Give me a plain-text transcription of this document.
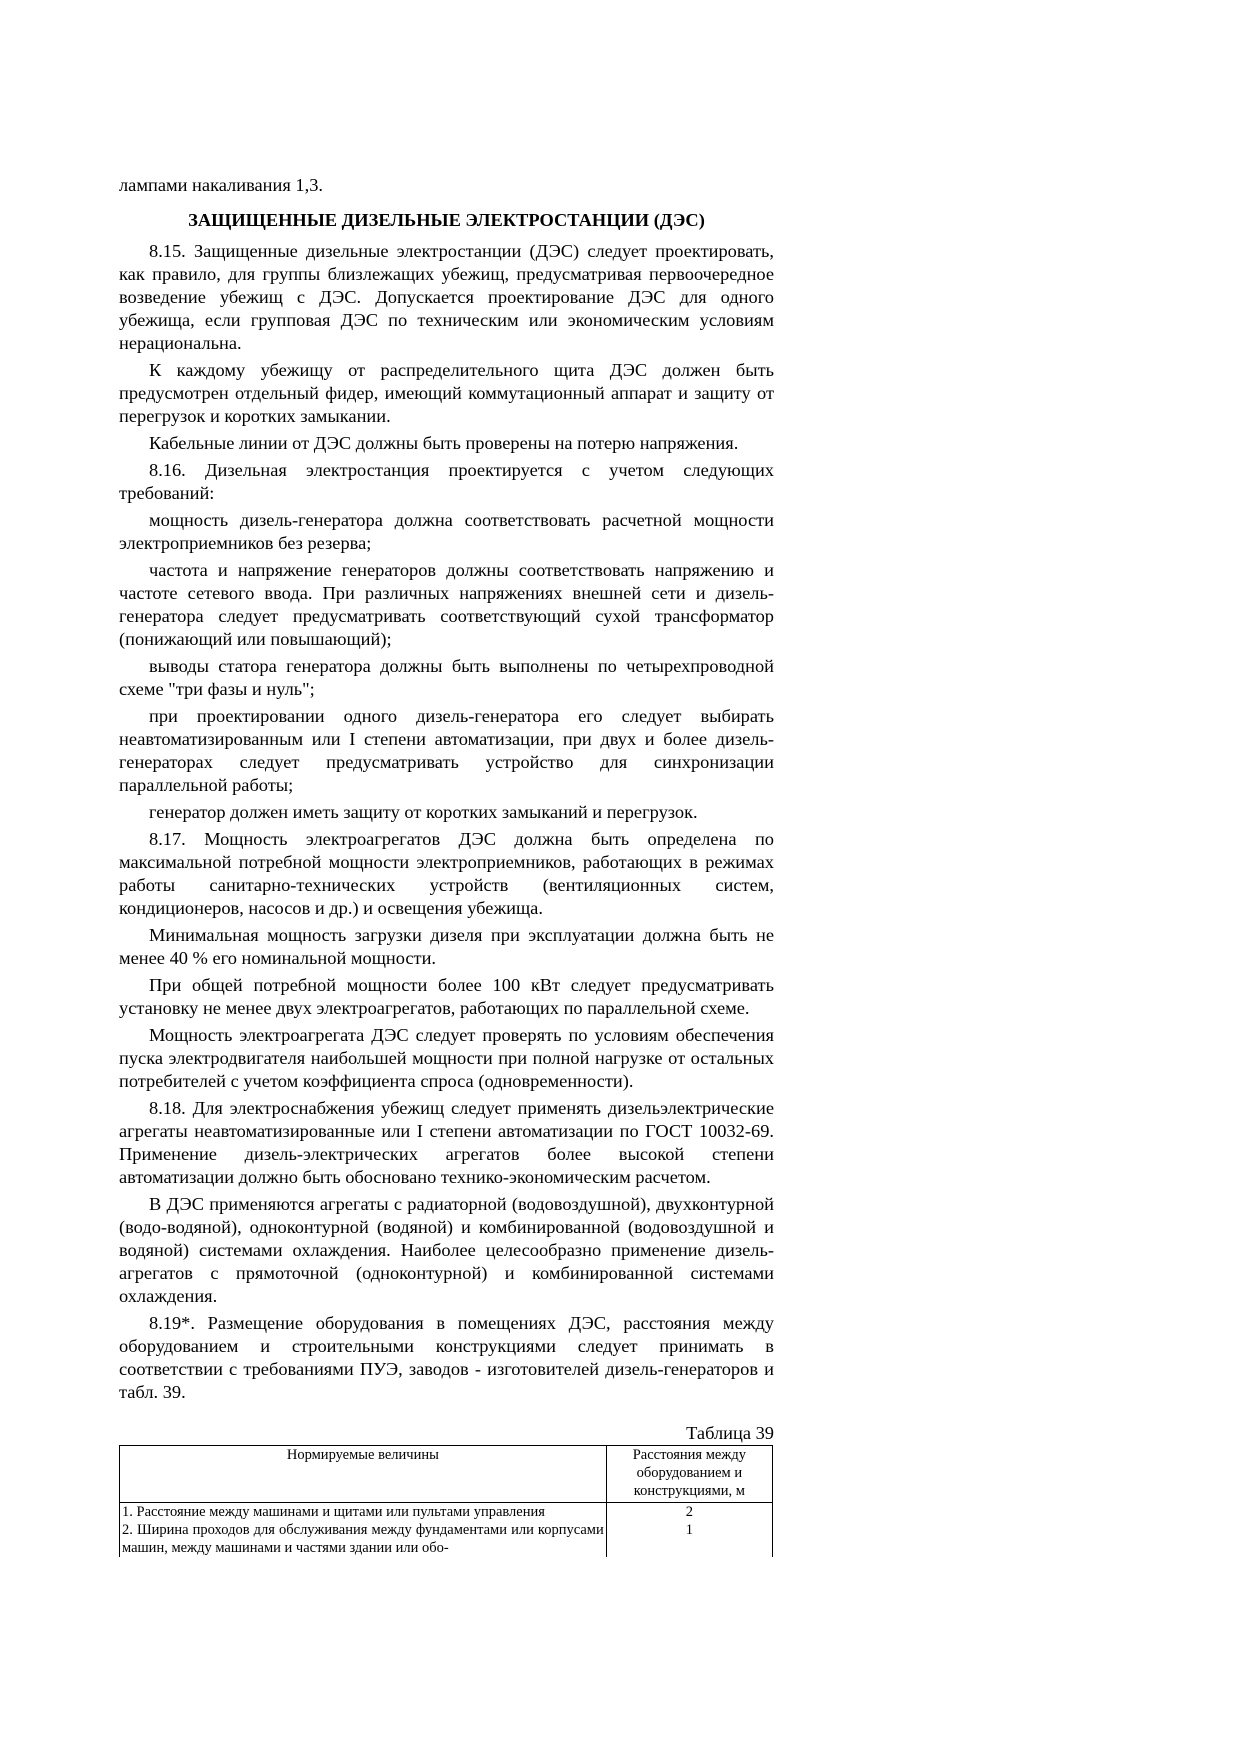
лампами накаливания 1,3.

ЗАЩИЩЕННЫЕ ДИЗЕЛЬНЫЕ ЭЛЕКТРОСТАНЦИИ (ДЭС)

8.15. Защищенные дизельные электростанции (ДЭС) следует проектировать, как правило, для группы близлежащих убежищ, предусматривая первоочередное возведение убежищ с ДЭС. Допускается проектирование ДЭС для одного убежища, если групповая ДЭС по техническим или экономическим условиям нерациональна.

К каждому убежищу от распределительного щита ДЭС должен быть предусмотрен отдельный фидер, имеющий коммутационный аппарат и защиту от перегрузок и коротких замыкании.

Кабельные линии от ДЭС должны быть проверены на потерю напряжения.

8.16. Дизельная электростанция проектируется с учетом следующих требований:

мощность дизель-генератора должна соответствовать расчетной мощности электроприемников без резерва;

частота и напряжение генераторов должны соответствовать напряжению и частоте сетевого ввода. При различных напряжениях внешней сети и дизель-генератора следует предусматривать соответствующий сухой трансформатор (понижающий или повышающий);

выводы статора генератора должны быть выполнены по четырехпроводной схеме "три фазы и нуль";

при проектировании одного дизель-генератора его следует выбирать неавтоматизированным или I степени автоматизации, при двух и более дизель-генераторах следует предусматривать устройство для синхронизации параллельной работы;

генератор должен иметь защиту от коротких замыканий и перегрузок.

8.17. Мощность электроагрегатов ДЭС должна быть определена по максимальной потребной мощности электроприемников, работающих в режимах работы санитарно-технических устройств (вентиляционных систем, кондиционеров, насосов и др.) и освещения убежища.

Минимальная мощность загрузки дизеля при эксплуатации должна быть не менее 40 % его номинальной мощности.

При общей потребной мощности более 100 кВт следует предусматривать установку не менее двух электроагрегатов, работающих по параллельной схеме.

Мощность электроагрегата ДЭС следует проверять по условиям обеспечения пуска электродвигателя наибольшей мощности при полной нагрузке от остальных потребителей с учетом коэффициента спроса (одновременности).

8.18. Для электроснабжения убежищ следует применять дизельэлектрические агрегаты неавтоматизированные или I степени автоматизации по ГОСТ 10032-69. Применение дизель-электрических агрегатов более высокой степени автоматизации должно быть обосновано технико-экономическим расчетом.

В ДЭС применяются агрегаты с радиаторной (водовоздушной), двухконтурной (водо-водяной), одноконтурной (водяной) и комбинированной (водовоздушной и водяной) системами охлаждения. Наиболее целесообразно применение дизель-агрегатов с прямоточной (одноконтурной) и комбинированной системами охлаждения.

8.19*. Размещение оборудования в помещениях ДЭС, расстояния между оборудованием и строительными конструкциями следует принимать в соответствии с требованиями ПУЭ, заводов - изготовителей дизель-генераторов и табл. 39.

Таблица 39

Нормируемые величины	Расстояния между оборудованием и конструкциями, м
1. Расстояние между машинами и щитами или пультами управления	2
2. Ширина проходов для обслуживания между фундаментами или корпусами машин, между машинами и частями здании или обо-	1
